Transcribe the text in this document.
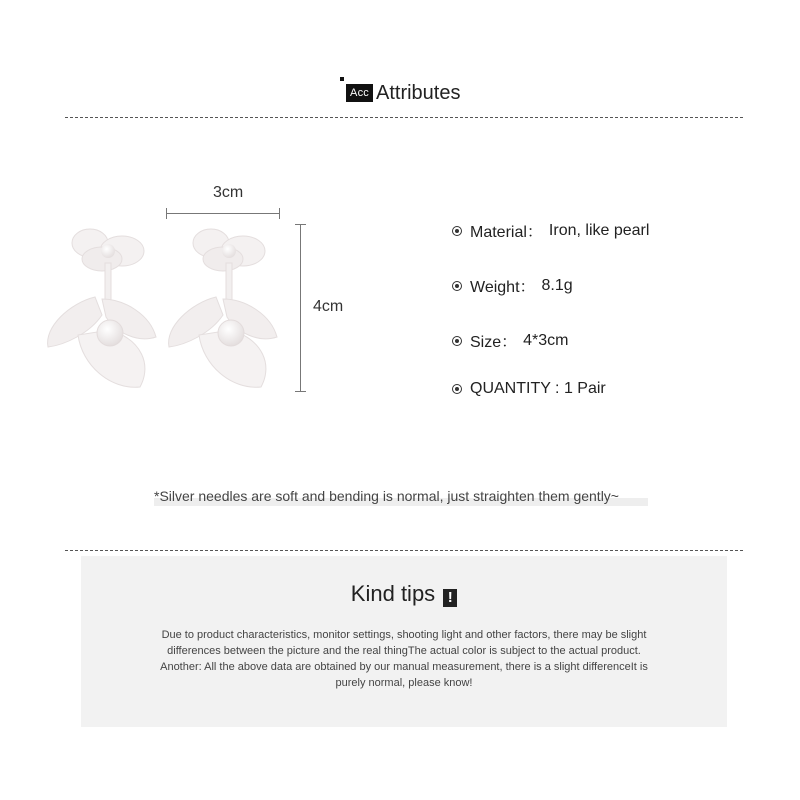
Acc Attributes
3cm
4cm
Material： Iron, like pearl
Weight： 8.1g
Size： 4*3cm
QUANTITY : 1 Pair
*Silver needles are soft and bending is normal, just straighten them gently~
Kind tips !
Due to product characteristics, monitor settings, shooting light and other factors, there may be slight
differences between the picture and the real thingThe actual color is subject to the actual product.
Another: All the above data are obtained by our manual measurement, there is a slight differenceIt is
purely normal, please know!
